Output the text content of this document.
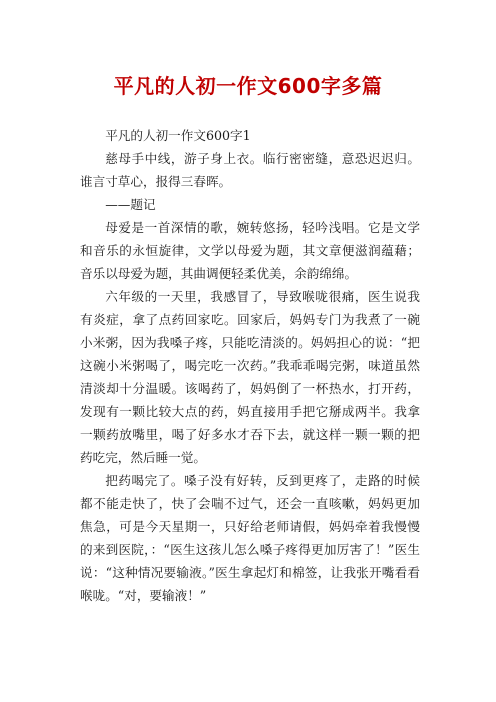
平凡的人初一作文600字多篇

平凡的人初一作文600字1

慈母手中线，游子身上衣。临行密密缝，意恐迟迟归。谁言寸草心，报得三春晖。

——题记

母爱是一首深情的歌，婉转悠扬，轻吟浅唱。它是文学和音乐的永恒旋律，文学以母爱为题，其文章便滋润蕴藉；音乐以母爱为题，其曲调便轻柔优美，余韵绵绵。

六年级的一天里，我感冒了，导致喉咙很痛，医生说我有炎症，拿了点药回家吃。回家后，妈妈专门为我煮了一碗小米粥，因为我嗓子疼，只能吃清淡的。妈妈担心的说：“把这碗小米粥喝了，喝完吃一次药。”我乖乖喝完粥，味道虽然清淡却十分温暖。该喝药了，妈妈倒了一杯热水，打开药，发现有一颗比较大点的药，妈直接用手把它掰成两半。我拿一颗药放嘴里，喝了好多水才吞下去，就这样一颗一颗的把药吃完，然后睡一觉。

把药喝完了。嗓子没有好转，反到更疼了，走路的时候都不能走快了，快了会喘不过气，还会一直咳嗽，妈妈更加焦急，可是今天星期一，只好给老师请假，妈妈牵着我慢慢的来到医院，：“医生这孩儿怎么嗓子疼得更加厉害了！”医生说：“这种情况要输液。”医生拿起灯和棉签，让我张开嘴看看喉咙。“对，要输液！”
